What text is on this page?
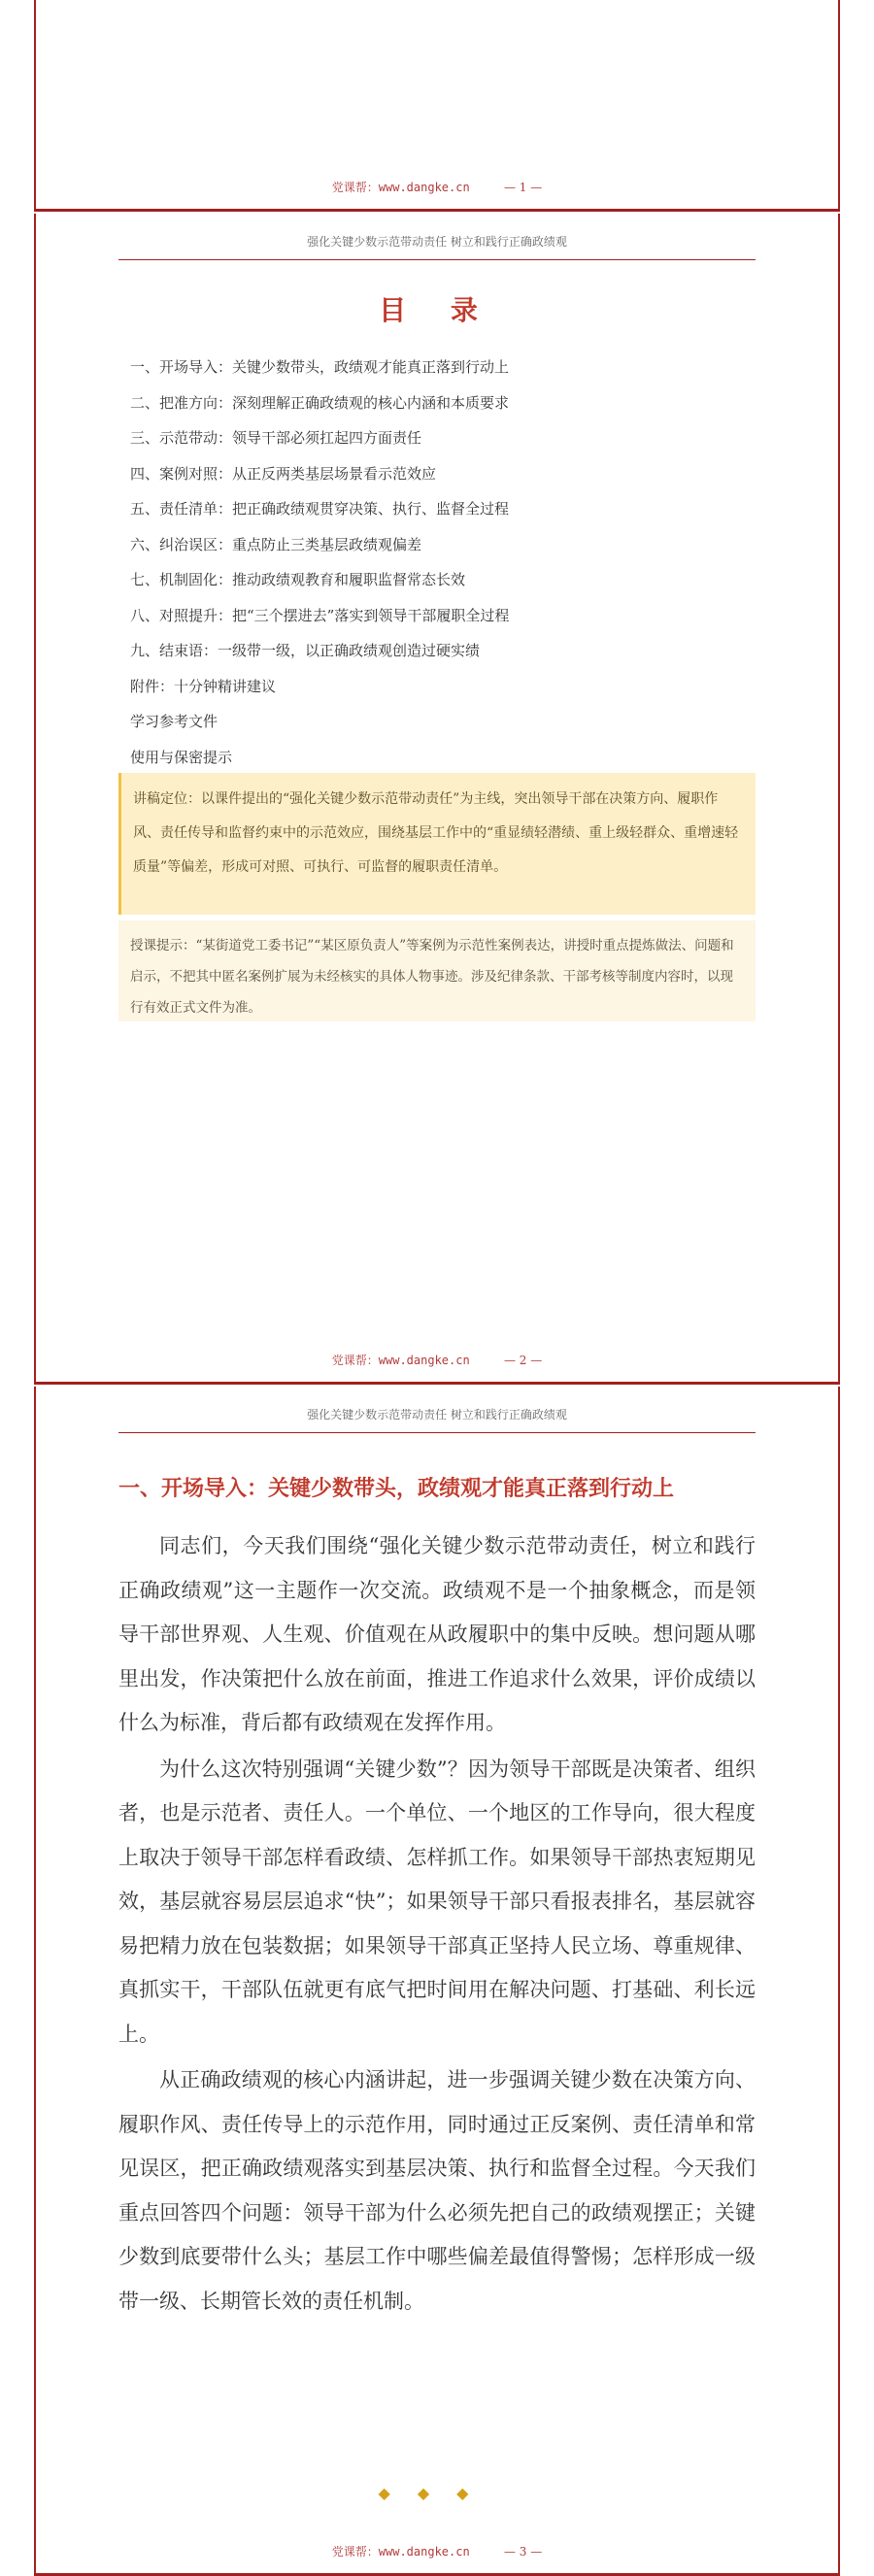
党课帮：www.dangke.cn	— 1 —
强化关键少数示范带动责任 树立和践行正确政绩观
目 录
一、开场导入：关键少数带头，政绩观才能真正落到行动上
二、把准方向：深刻理解正确政绩观的核心内涵和本质要求
三、示范带动：领导干部必须扛起四方面责任
四、案例对照：从正反两类基层场景看示范效应
五、责任清单：把正确政绩观贯穿决策、执行、监督全过程
六、纠治误区：重点防止三类基层政绩观偏差
七、机制固化：推动政绩观教育和履职监督常态长效
八、对照提升：把“三个摆进去”落实到领导干部履职全过程
九、结束语：一级带一级，以正确政绩观创造过硬实绩
附件：十分钟精讲建议
学习参考文件
使用与保密提示
讲稿定位：以课件提出的“强化关键少数示范带动责任”为主线，突出领导干部在决策方向、履职作风、责任传导和监督约束中的示范效应，围绕基层工作中的“重显绩轻潜绩、重上级轻群众、重增速轻质量”等偏差，形成可对照、可执行、可监督的履职责任清单。
授课提示：“某街道党工委书记”“某区原负责人”等案例为示范性案例表达，讲授时重点提炼做法、问题和启示，不把其中匿名案例扩展为未经核实的具体人物事迹。涉及纪律条款、干部考核等制度内容时，以现行有效正式文件为准。
党课帮：www.dangke.cn	— 2 —
强化关键少数示范带动责任 树立和践行正确政绩观
一、开场导入：关键少数带头，政绩观才能真正落到行动上

同志们，今天我们围绕“强化关键少数示范带动责任，树立和践行正确政绩观”这一主题作一次交流。政绩观不是一个抽象概念，而是领导干部世界观、人生观、价值观在从政履职中的集中反映。想问题从哪里出发，作决策把什么放在前面，推进工作追求什么效果，评价成绩以什么为标准，背后都有政绩观在发挥作用。

为什么这次特别强调“关键少数”？因为领导干部既是决策者、组织者，也是示范者、责任人。一个单位、一个地区的工作导向，很大程度上取决于领导干部怎样看政绩、怎样抓工作。如果领导干部热衷短期见效，基层就容易层层追求“快”；如果领导干部只看报表排名，基层就容易把精力放在包装数据；如果领导干部真正坚持人民立场、尊重规律、真抓实干，干部队伍就更有底气把时间用在解决问题、打基础、利长远上。

从正确政绩观的核心内涵讲起，进一步强调关键少数在决策方向、履职作风、责任传导上的示范作用，同时通过正反案例、责任清单和常见误区，把正确政绩观落实到基层决策、执行和监督全过程。今天我们重点回答四个问题：领导干部为什么必须先把自己的政绩观摆正；关键少数到底要带什么头；基层工作中哪些偏差最值得警惕；怎样形成一级带一级、长期管长效的责任机制。

◆◆◆
党课帮：www.dangke.cn	— 3 —
